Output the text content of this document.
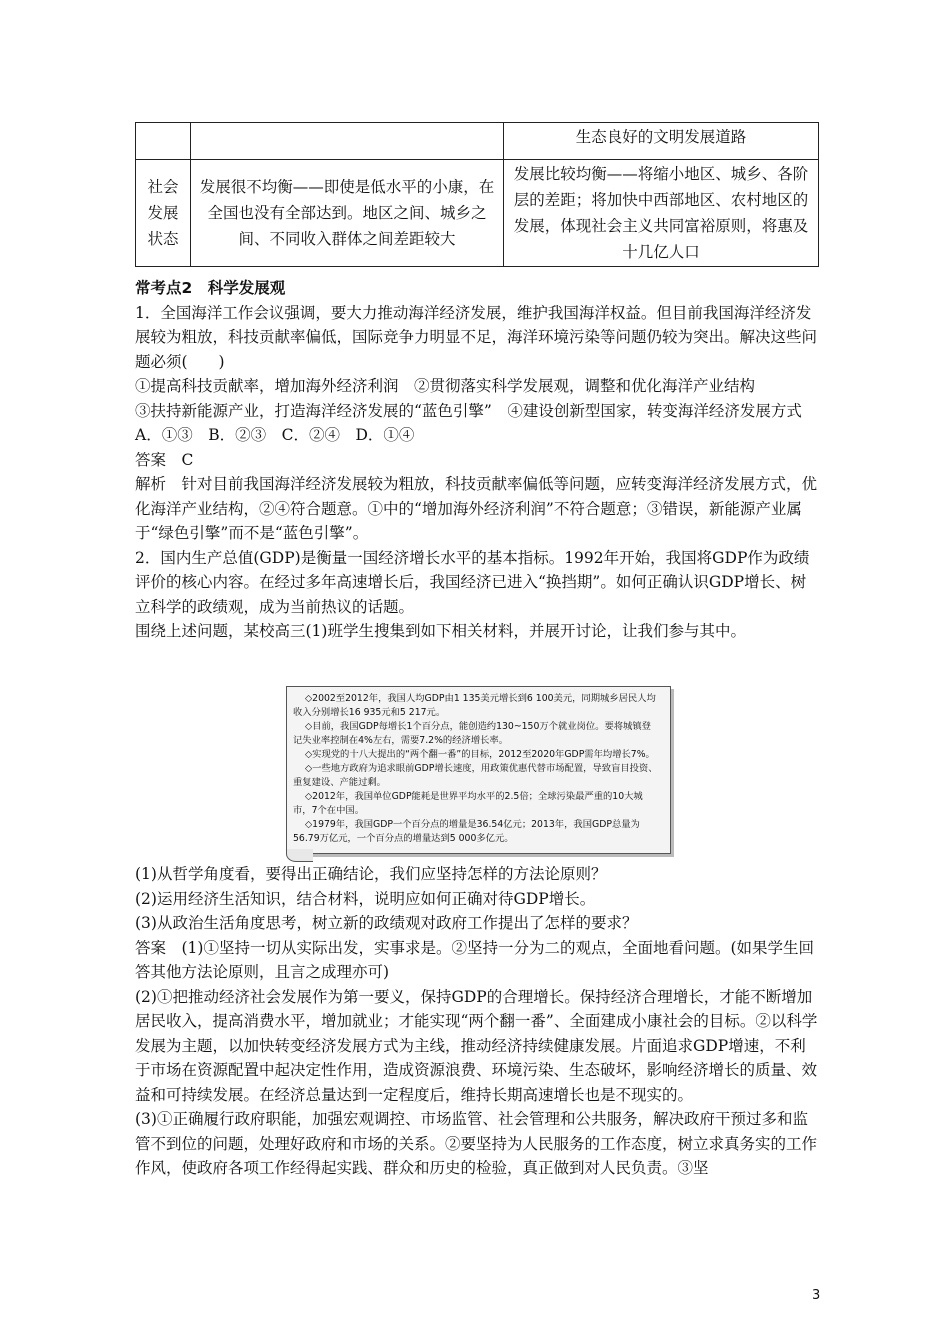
		生态良好的文明发展道路

社会
发展
状态	发展很不均衡——即使是低水平的小康，在全国也没有全部达到。地区之间、城乡之间、不同收入群体之间差距较大	发展比较均衡——将缩小地区、城乡、各阶层的差距；将加快中西部地区、农村地区的发展，体现社会主义共同富裕原则，将惠及十几亿人口

常考点2　科学发展观

1．全国海洋工作会议强调，要大力推动海洋经济发展，维护我国海洋权益。但目前我国海洋经济发展较为粗放，科技贡献率偏低，国际竞争力明显不足，海洋环境污染等问题仍较为突出。解决这些问题必须(　　)

①提高科技贡献率，增加海外经济利润　②贯彻落实科学发展观，调整和优化海洋产业结构

③扶持新能源产业，打造海洋经济发展的“蓝色引擎”　④建设创新型国家，转变海洋经济发展方式

A．①③　B．②③　C．②④　D．①④

答案　C

解析　针对目前我国海洋经济发展较为粗放，科技贡献率偏低等问题，应转变海洋经济发展方式，优化海洋产业结构，②④符合题意。①中的“增加海外经济利润”不符合题意；③错误，新能源产业属于“绿色引擎”而不是“蓝色引擎”。

2．国内生产总值(GDP)是衡量一国经济增长水平的基本指标。1992年开始，我国将GDP作为政绩评价的核心内容。在经过多年高速增长后，我国经济已进入“换挡期”。如何正确认识GDP增长、树立科学的政绩观，成为当前热议的话题。

围绕上述问题，某校高三(1)班学生搜集到如下相关材料，并展开讨论，让我们参与其中。

◇2002至2012年，我国人均GDP由1 135美元增长到6 100美元，同期城乡居民人均收入分别增长16 935元和5 217元。

◇目前，我国GDP每增长1个百分点，能创造约130~150万个就业岗位。要将城镇登记失业率控制在4%左右，需要7.2%的经济增长率。

◇实现党的十八大提出的“两个翻一番”的目标，2012至2020年GDP需年均增长7%。

◇一些地方政府为追求眼前GDP增长速度，用政策优惠代替市场配置，导致盲目投资、重复建设、产能过剩。

◇2012年，我国单位GDP能耗是世界平均水平的2.5倍；全球污染最严重的10大城市，7个在中国。

◇1979年，我国GDP一个百分点的增量是36.54亿元；2013年，我国GDP总量为56.79万亿元，一个百分点的增量达到5 000多亿元。

(1)从哲学角度看，要得出正确结论，我们应坚持怎样的方法论原则？

(2)运用经济生活知识，结合材料，说明应如何正确对待GDP增长。

(3)从政治生活角度思考，树立新的政绩观对政府工作提出了怎样的要求？

答案　(1)①坚持一切从实际出发，实事求是。②坚持一分为二的观点，全面地看问题。(如果学生回答其他方法论原则，且言之成理亦可)

(2)①把推动经济社会发展作为第一要义，保持GDP的合理增长。保持经济合理增长，才能不断增加居民收入，提高消费水平，增加就业；才能实现“两个翻一番”、全面建成小康社会的目标。②以科学发展为主题，以加快转变经济发展方式为主线，推动经济持续健康发展。片面追求GDP增速，不利于市场在资源配置中起决定性作用，造成资源浪费、环境污染、生态破坏，影响经济增长的质量、效益和可持续发展。在经济总量达到一定程度后，维持长期高速增长也是不现实的。

(3)①正确履行政府职能，加强宏观调控、市场监管、社会管理和公共服务，解决政府干预过多和监管不到位的问题，处理好政府和市场的关系。②要坚持为人民服务的工作态度，树立求真务实的工作作风，使政府各项工作经得起实践、群众和历史的检验，真正做到对人民负责。③坚

3
